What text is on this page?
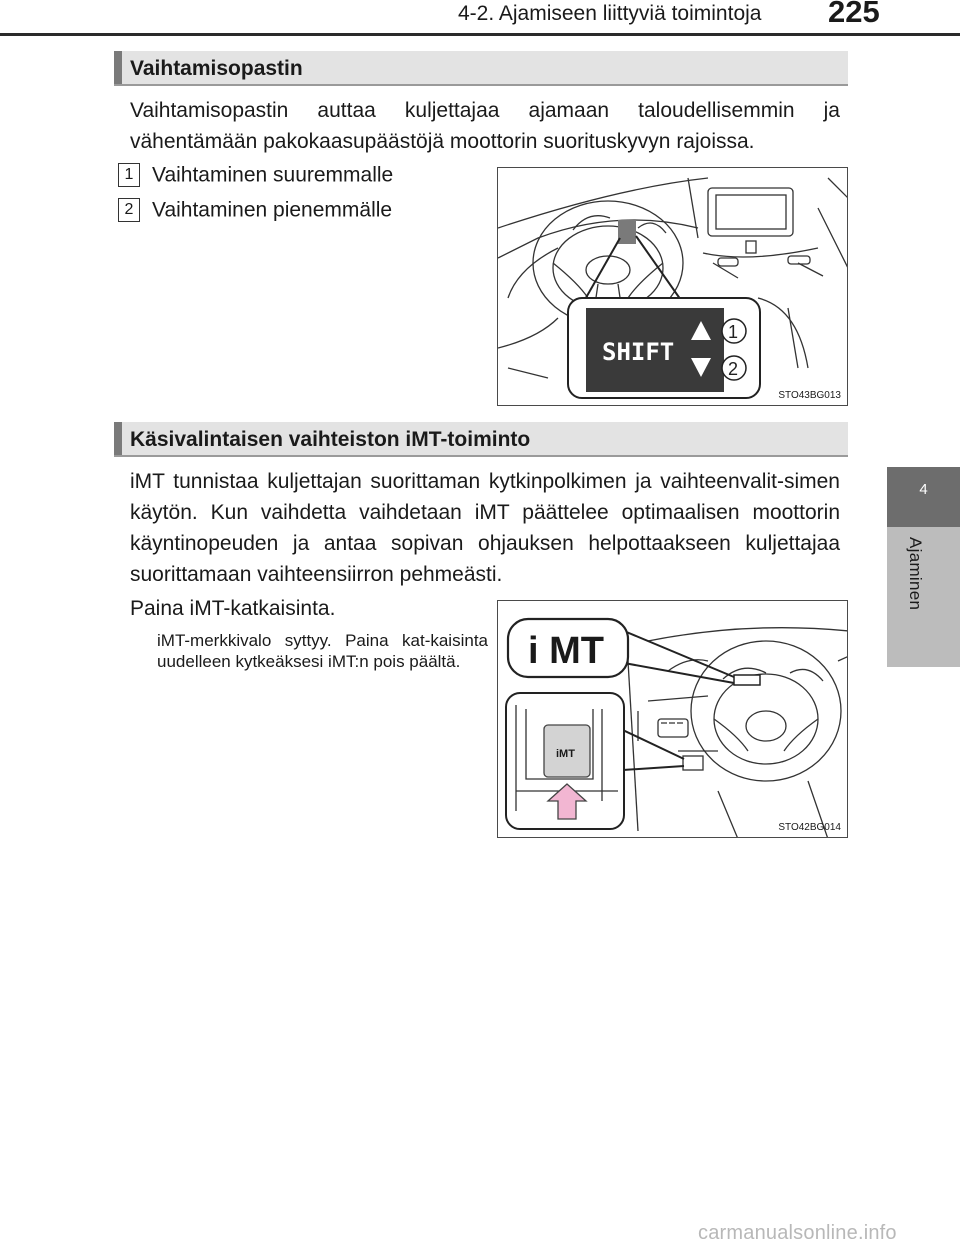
4-2. Ajamiseen liittyviä toimintoja 225
4
Ajaminen
Vaihtamisopastin

Vaihtamisopastin auttaa kuljettajaa ajamaan taloudellisemmin ja vähentämään pakokaasupäästöjä moottorin suorituskyvyn rajoissa.

1 Vaihtaminen suuremmalle
2 Vaihtaminen pienemmälle
SHIFT
1
2
STO43BG013
Käsivalintaisen vaihteiston iMT-toiminto

iMT tunnistaa kuljettajan suorittaman kytkinpolkimen ja vaihteenvalit-simen käytön. Kun vaihdetta vaihdetaan iMT päättelee optimaalisen moottorin käyntinopeuden ja antaa sopivan ohjauksen helpottaakseen kuljettajaa suorittamaan vaihteensiirron pehmeästi.

Paina iMT-katkaisinta.

iMT-merkkivalo syttyy. Paina kat-kaisinta uudelleen kytkeäksesi iMT:n pois päältä.	i MT
iMT
STO42BG014
carmanualsonline.info
